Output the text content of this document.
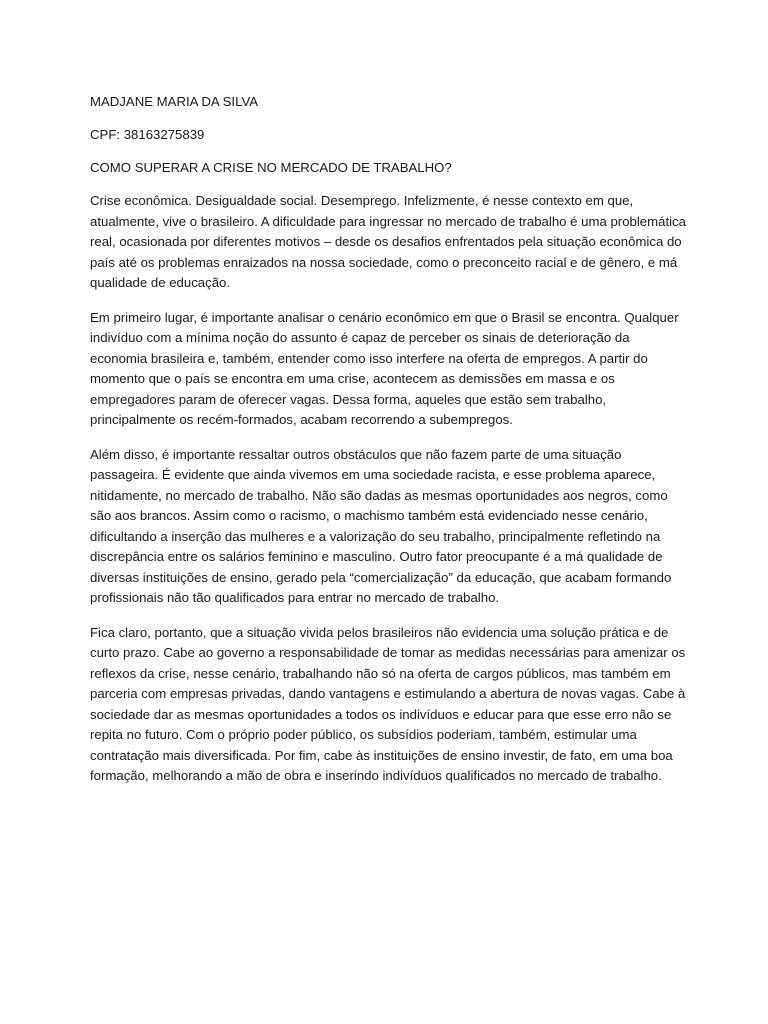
MADJANE MARIA DA SILVA
CPF: 38163275839
COMO SUPERAR A CRISE NO MERCADO DE TRABALHO?

Crise econômica. Desigualdade social. Desemprego. Infelizmente, é nesse contexto em que, atualmente, vive o brasileiro. A dificuldade para ingressar no mercado de trabalho é uma problemática real, ocasionada por diferentes motivos – desde os desafios enfrentados pela situação econômica do país até os problemas enraizados na nossa sociedade, como o preconceito racial e de gênero, e má qualidade de educação.

Em primeiro lugar, é importante analisar o cenário econômico em que o Brasil se encontra. Qualquer indivíduo com a mínima noção do assunto é capaz de perceber os sinais de deterioração da economia brasileira e, também, entender como isso interfere na oferta de empregos. A partir do momento que o país se encontra em uma crise, acontecem as demissões em massa e os empregadores param de oferecer vagas. Dessa forma, aqueles que estão sem trabalho, principalmente os recém-formados, acabam recorrendo a subempregos.

Além disso, é importante ressaltar outros obstáculos que não fazem parte de uma situação passageira. É evidente que ainda vivemos em uma sociedade racista, e esse problema aparece, nitidamente, no mercado de trabalho. Não são dadas as mesmas oportunidades aos negros, como são aos brancos. Assim como o racismo, o machismo também está evidenciado nesse cenário, dificultando a inserção das mulheres e a valorização do seu trabalho, principalmente refletindo na discrepância entre os salários feminino e masculino. Outro fator preocupante é a má qualidade de diversas instituições de ensino, gerado pela “comercialização” da educação, que acabam formando profissionais não tão qualificados para entrar no mercado de trabalho.

Fica claro, portanto, que a situação vivida pelos brasileiros não evidencia uma solução prática e de curto prazo. Cabe ao governo a responsabilidade de tomar as medidas necessárias para amenizar os reflexos da crise, nesse cenário, trabalhando não só na oferta de cargos públicos, mas também em parceria com empresas privadas, dando vantagens e estimulando a abertura de novas vagas. Cabe à sociedade dar as mesmas oportunidades a todos os indivíduos e educar para que esse erro não se repita no futuro. Com o próprio poder público, os subsídios poderiam, também, estimular uma contratação mais diversificada. Por fim, cabe às instituições de ensino investir, de fato, em uma boa formação, melhorando a mão de obra e inserindo indivíduos qualificados no mercado de trabalho.
